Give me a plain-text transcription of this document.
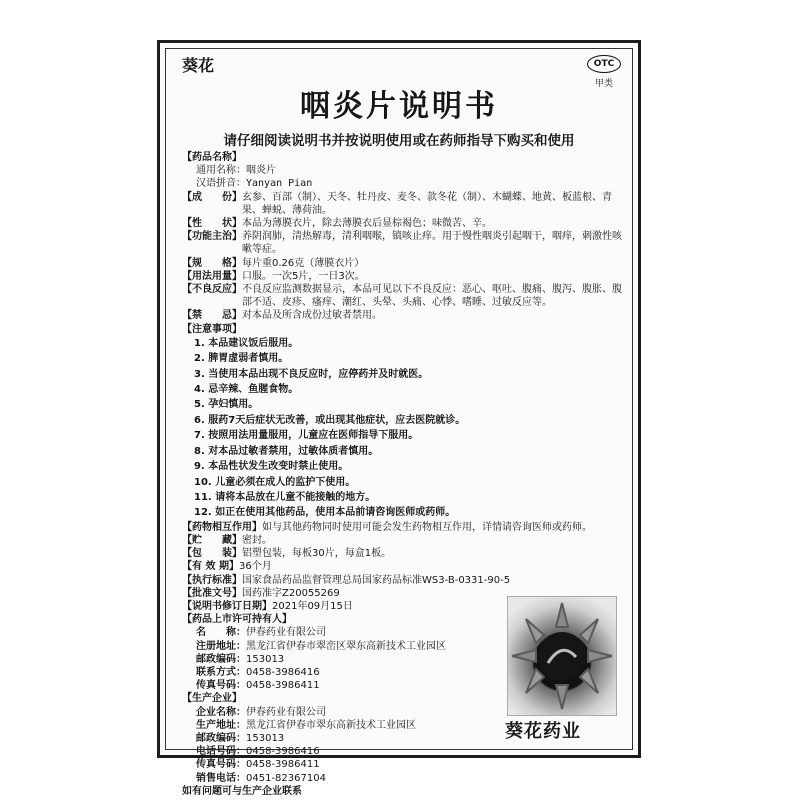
葵花	OTC
甲类
咽炎片说明书
请仔细阅读说明书并按说明使用或在药师指导下购买和使用
【药品名称】
通用名称： 咽炎片
汉语拼音： Yanyan Pian
【成　　份】 玄参、百部（制）、天冬、牡丹皮、麦冬、款冬花（制）、木蝴蝶、地黄、板蓝根、青果、蝉蜕、薄荷油。
【性　　状】 本品为薄膜衣片，除去薄膜衣后显棕褐色；味微苦、辛。
【功能主治】 养阴润肺，清热解毒，清利咽喉，镇咳止痒。用于慢性咽炎引起咽干，咽痒，刺激性咳嗽等症。
【规　　格】 每片重0.26克（薄膜衣片）
【用法用量】 口服。一次5片，一日3次。
【不良反应】 不良反应监测数据显示，本品可见以下不良反应：恶心、呕吐、腹痛、腹泻、腹胀、腹部不适、皮疹、瘙痒、潮红、头晕、头痛、心悸、嗜睡、过敏反应等。
【禁　　忌】 对本品及所含成份过敏者禁用。
【注意事项】
1. 本品建议饭后服用。
2. 脾胃虚弱者慎用。
3. 当使用本品出现不良反应时，应停药并及时就医。
4. 忌辛辣、鱼腥食物。
5. 孕妇慎用。
6. 服药7天后症状无改善，或出现其他症状，应去医院就诊。
7. 按照用法用量服用，儿童应在医师指导下服用。
8. 对本品过敏者禁用，过敏体质者慎用。
9. 本品性状发生改变时禁止使用。
10. 儿童必须在成人的监护下使用。
11. 请将本品放在儿童不能接触的地方。
12. 如正在使用其他药品，使用本品前请咨询医师或药师。
【药物相互作用】 如与其他药物同时使用可能会发生药物相互作用，详情请咨询医师或药师。
【贮　　藏】 密封。
【包　　装】 铝塑包装，每板30片，每盒1板。
【有 效 期】 36个月
【执行标准】 国家食品药品监督管理总局国家药品标准WS3-B-0331-90-5
【批准文号】 国药准字Z20055269
【说明书修订日期】 2021年09月15日
【药品上市许可持有人】
名　　称： 伊春药业有限公司
注册地址： 黑龙江省伊春市翠峦区翠东高新技术工业园区
邮政编码： 153013
联系方式： 0458-3986416
传真号码： 0458-3986411
【生产企业】
企业名称： 伊春药业有限公司
生产地址： 黑龙江省伊春市翠东高新技术工业园区
邮政编码： 153013
电话号码： 0458-3986416
传真号码： 0458-3986411
销售电话： 0451-82367104
如有问题可与生产企业联系
葵花药业
